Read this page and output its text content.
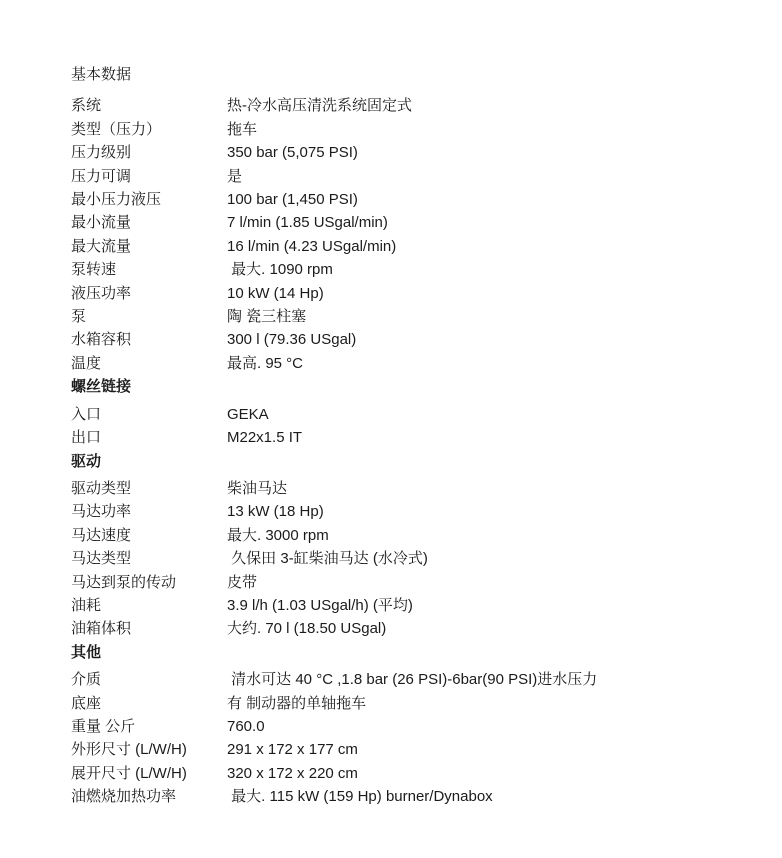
基本数据
系统	热-冷水高压清洗系统固定式
类型（压力）	拖车
压力级别	350 bar (5,075 PSI)
压力可调	是
最小压力液压	100 bar (1,450 PSI)
最小流量	7 l/min (1.85 USgal/min)
最大流量	16 l/min (4.23 USgal/min)
泵转速	最大. 1090 rpm
液压功率	10 kW (14 Hp)
泵	陶 瓷三柱塞
水箱容积	300 l (79.36 USgal)
温度	最高. 95 °C
螺丝链接
入口	GEKA
出口	M22x1.5 IT
驱动
驱动类型	柴油马达
马达功率	13 kW (18 Hp)
马达速度	最大. 3000 rpm
马达类型	久保田 3-缸柴油马达 (水冷式)
马达到泵的传动	皮带
油耗	3.9 l/h (1.03 USgal/h) (平均)
油箱体积	大约. 70 l (18.50 USgal)
其他
介质	清水可达 40 °C ,1.8 bar (26 PSI)-6bar(90 PSI)进水压力
底座	有 制动器的单轴拖车
重量 公斤	760.0
外形尺寸 (L/W/H)	291 x 172 x 177 cm
展开尺寸 (L/W/H)	320 x 172 x 220 cm
油燃烧加热功率	最大. 115 kW (159 Hp) burner/Dynabox
